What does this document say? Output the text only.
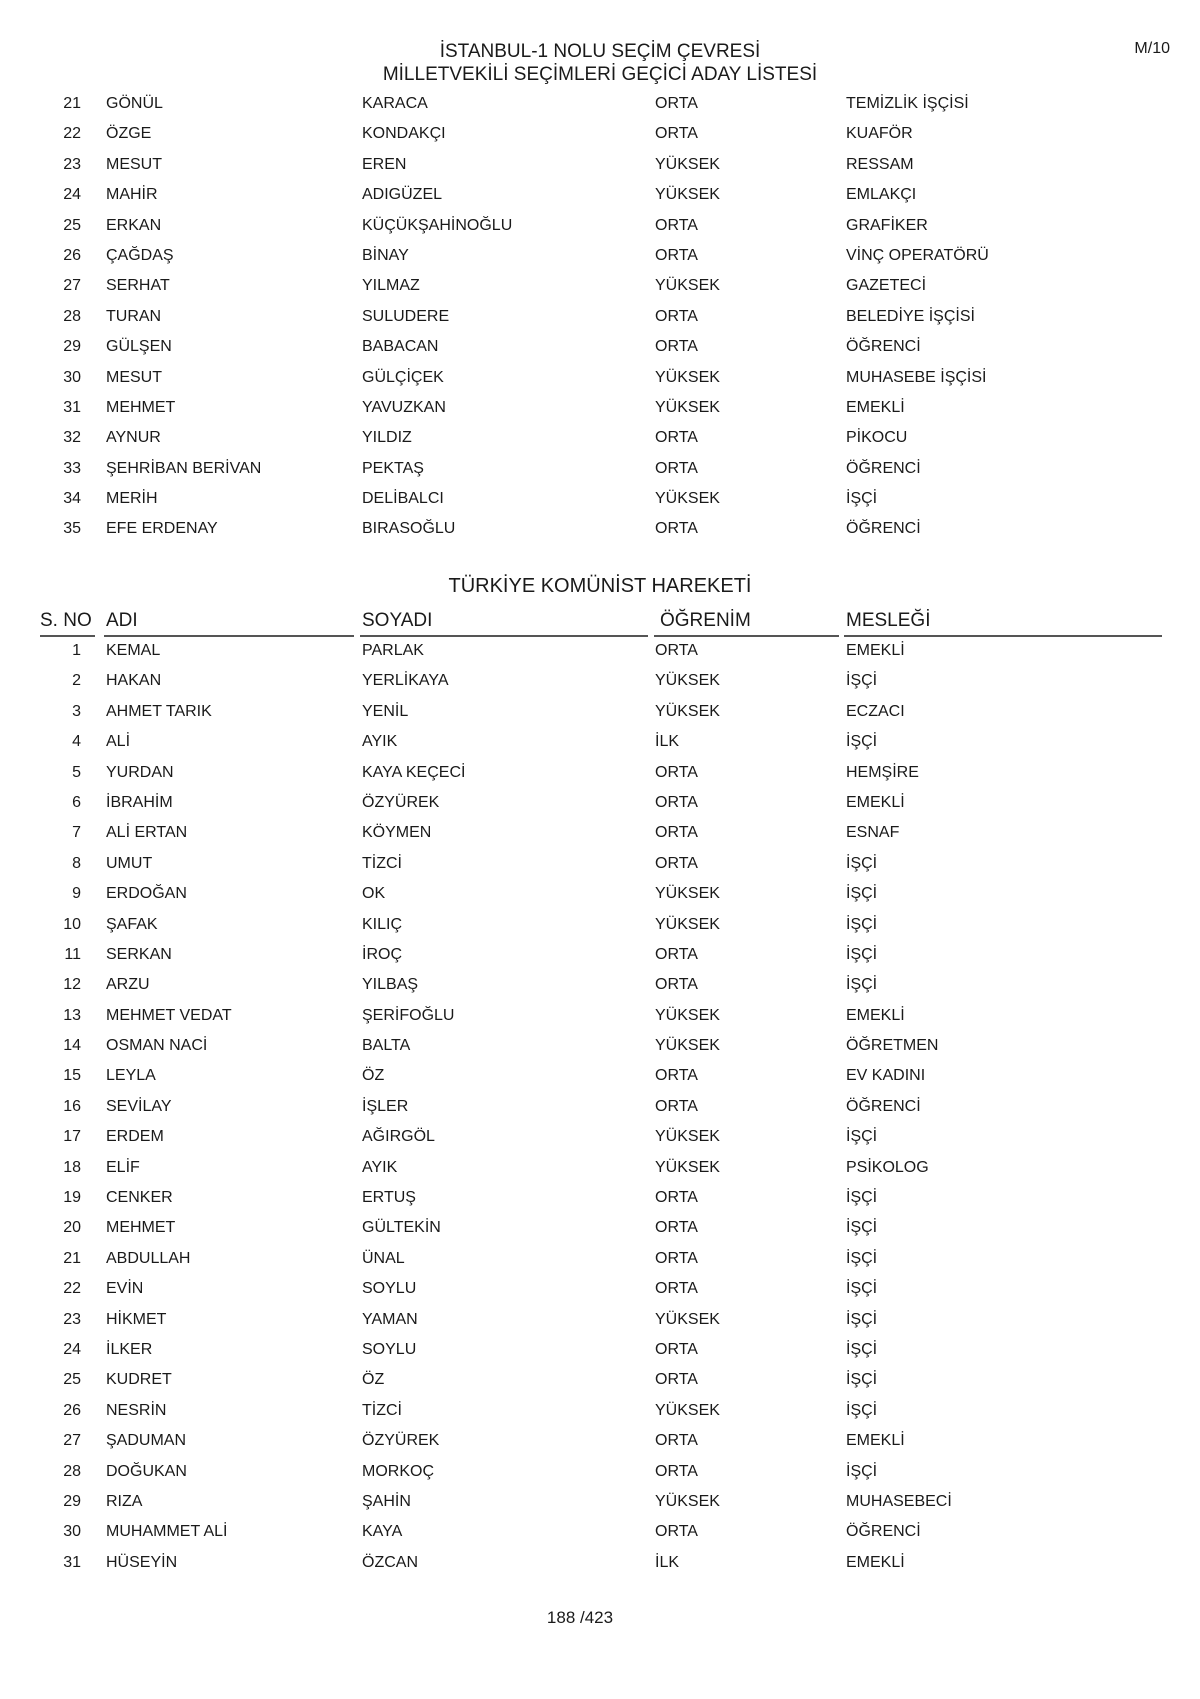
M/10
İSTANBUL-1 NOLU SEÇİM ÇEVRESİ
MİLLETVEKİLİ SEÇİMLERİ GEÇİCİ ADAY LİSTESİ
21 GÖNÜL	KARACA	ORTA	TEMİZLİK İŞÇİSİ
22 ÖZGE	KONDAKÇI	ORTA	KUAFÖR
23 MESUT	EREN	YÜKSEK	RESSAM
24 MAHİR	ADIGÜZEL	YÜKSEK	EMLAKÇI
25 ERKAN	KÜÇÜKŞAHİNOĞLU	ORTA	GRAFİKER
26 ÇAĞDAŞ	BİNAY	ORTA	VİNÇ OPERATÖRÜ
27 SERHAT	YILMAZ	YÜKSEK	GAZETECİ
28 TURAN	SULUDERE	ORTA	BELEDİYE İŞÇİSİ
29 GÜLŞEN	BABACAN	ORTA	ÖĞRENCİ
30 MESUT	GÜLÇİÇEK	YÜKSEK	MUHASEBE İŞÇİSİ
31 MEHMET	YAVUZKAN	YÜKSEK	EMEKLİ
32 AYNUR	YILDIZ	ORTA	PİKOCU
33 ŞEHRİBAN BERİVAN	PEKTAŞ	ORTA	ÖĞRENCİ
34 MERİH	DELİBALCI	YÜKSEK	İŞÇİ
35 EFE ERDENAY	BIRASOĞLU	ORTA	ÖĞRENCİ
TÜRKİYE KOMÜNİST HAREKETİ
S. NO ADI	SOYADI	ÖĞRENİM	MESLEĞİ
1 KEMAL	PARLAK	ORTA	EMEKLİ
2 HAKAN	YERLİKAYA	YÜKSEK	İŞÇİ
3 AHMET TARIK	YENİL	YÜKSEK	ECZACI
4 ALİ	AYIK	İLK	İŞÇİ
5 YURDAN	KAYA KEÇECİ	ORTA	HEMŞİRE
6 İBRAHİM	ÖZYÜREK	ORTA	EMEKLİ
7 ALİ ERTAN	KÖYMEN	ORTA	ESNAF
8 UMUT	TİZCİ	ORTA	İŞÇİ
9 ERDOĞAN	OK	YÜKSEK	İŞÇİ
10 ŞAFAK	KILIÇ	YÜKSEK	İŞÇİ
11 SERKAN	İROÇ	ORTA	İŞÇİ
12 ARZU	YILBAŞ	ORTA	İŞÇİ
13 MEHMET VEDAT	ŞERİFOĞLU	YÜKSEK	EMEKLİ
14 OSMAN NACİ	BALTA	YÜKSEK	ÖĞRETMEN
15 LEYLA	ÖZ	ORTA	EV KADINI
16 SEVİLAY	İŞLER	ORTA	ÖĞRENCİ
17 ERDEM	AĞIRGÖL	YÜKSEK	İŞÇİ
18 ELİF	AYIK	YÜKSEK	PSİKOLOG
19 CENKER	ERTUŞ	ORTA	İŞÇİ
20 MEHMET	GÜLTEKİN	ORTA	İŞÇİ
21 ABDULLAH	ÜNAL	ORTA	İŞÇİ
22 EVİN	SOYLU	ORTA	İŞÇİ
23 HİKMET	YAMAN	YÜKSEK	İŞÇİ
24 İLKER	SOYLU	ORTA	İŞÇİ
25 KUDRET	ÖZ	ORTA	İŞÇİ
26 NESRİN	TİZCİ	YÜKSEK	İŞÇİ
27 ŞADUMAN	ÖZYÜREK	ORTA	EMEKLİ
28 DOĞUKAN	MORKOÇ	ORTA	İŞÇİ
29 RIZA	ŞAHİN	YÜKSEK	MUHASEBECİ
30 MUHAMMET ALİ	KAYA	ORTA	ÖĞRENCİ
31 HÜSEYİN	ÖZCAN	İLK	EMEKLİ
188 /423
